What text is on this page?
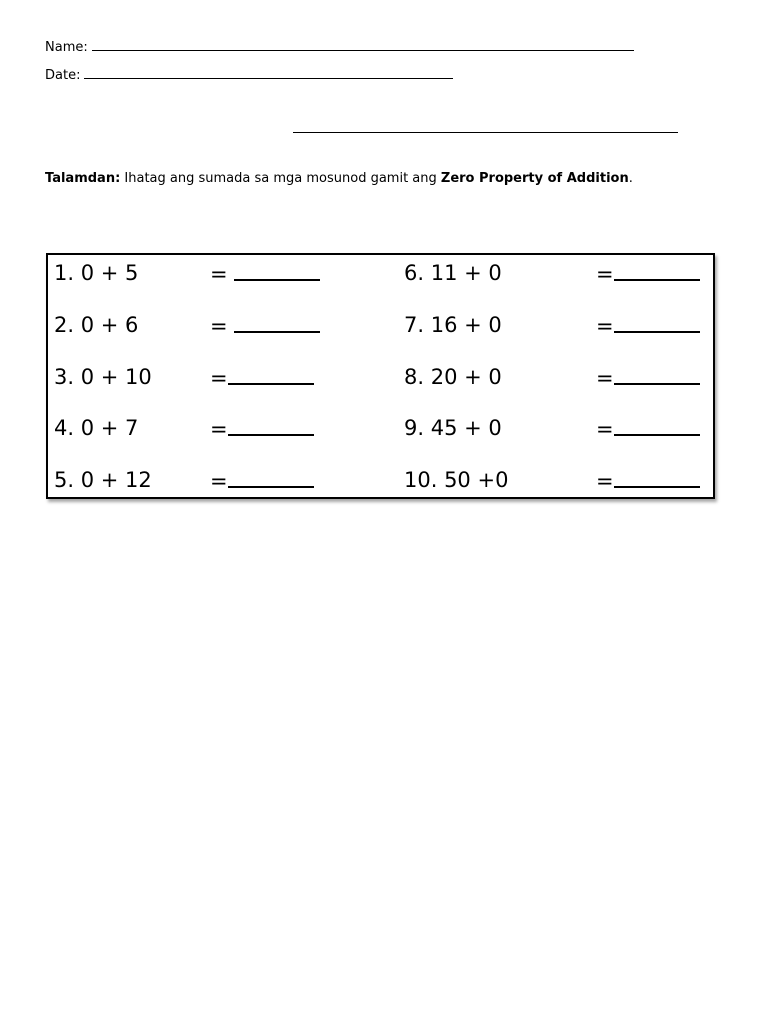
Name:
Date:
Talamdan: Ihatag ang sumada sa mga mosunod gamit ang Zero Property of Addition.
1. 0 + 5	=
2. 0 + 6	=
3. 0 + 10	=
4. 0 + 7	=
5. 0 + 12	=
6. 11 + 0	=
7. 16 + 0	=
8. 20 + 0	=
9. 45 + 0	=
10. 50 +0	=
